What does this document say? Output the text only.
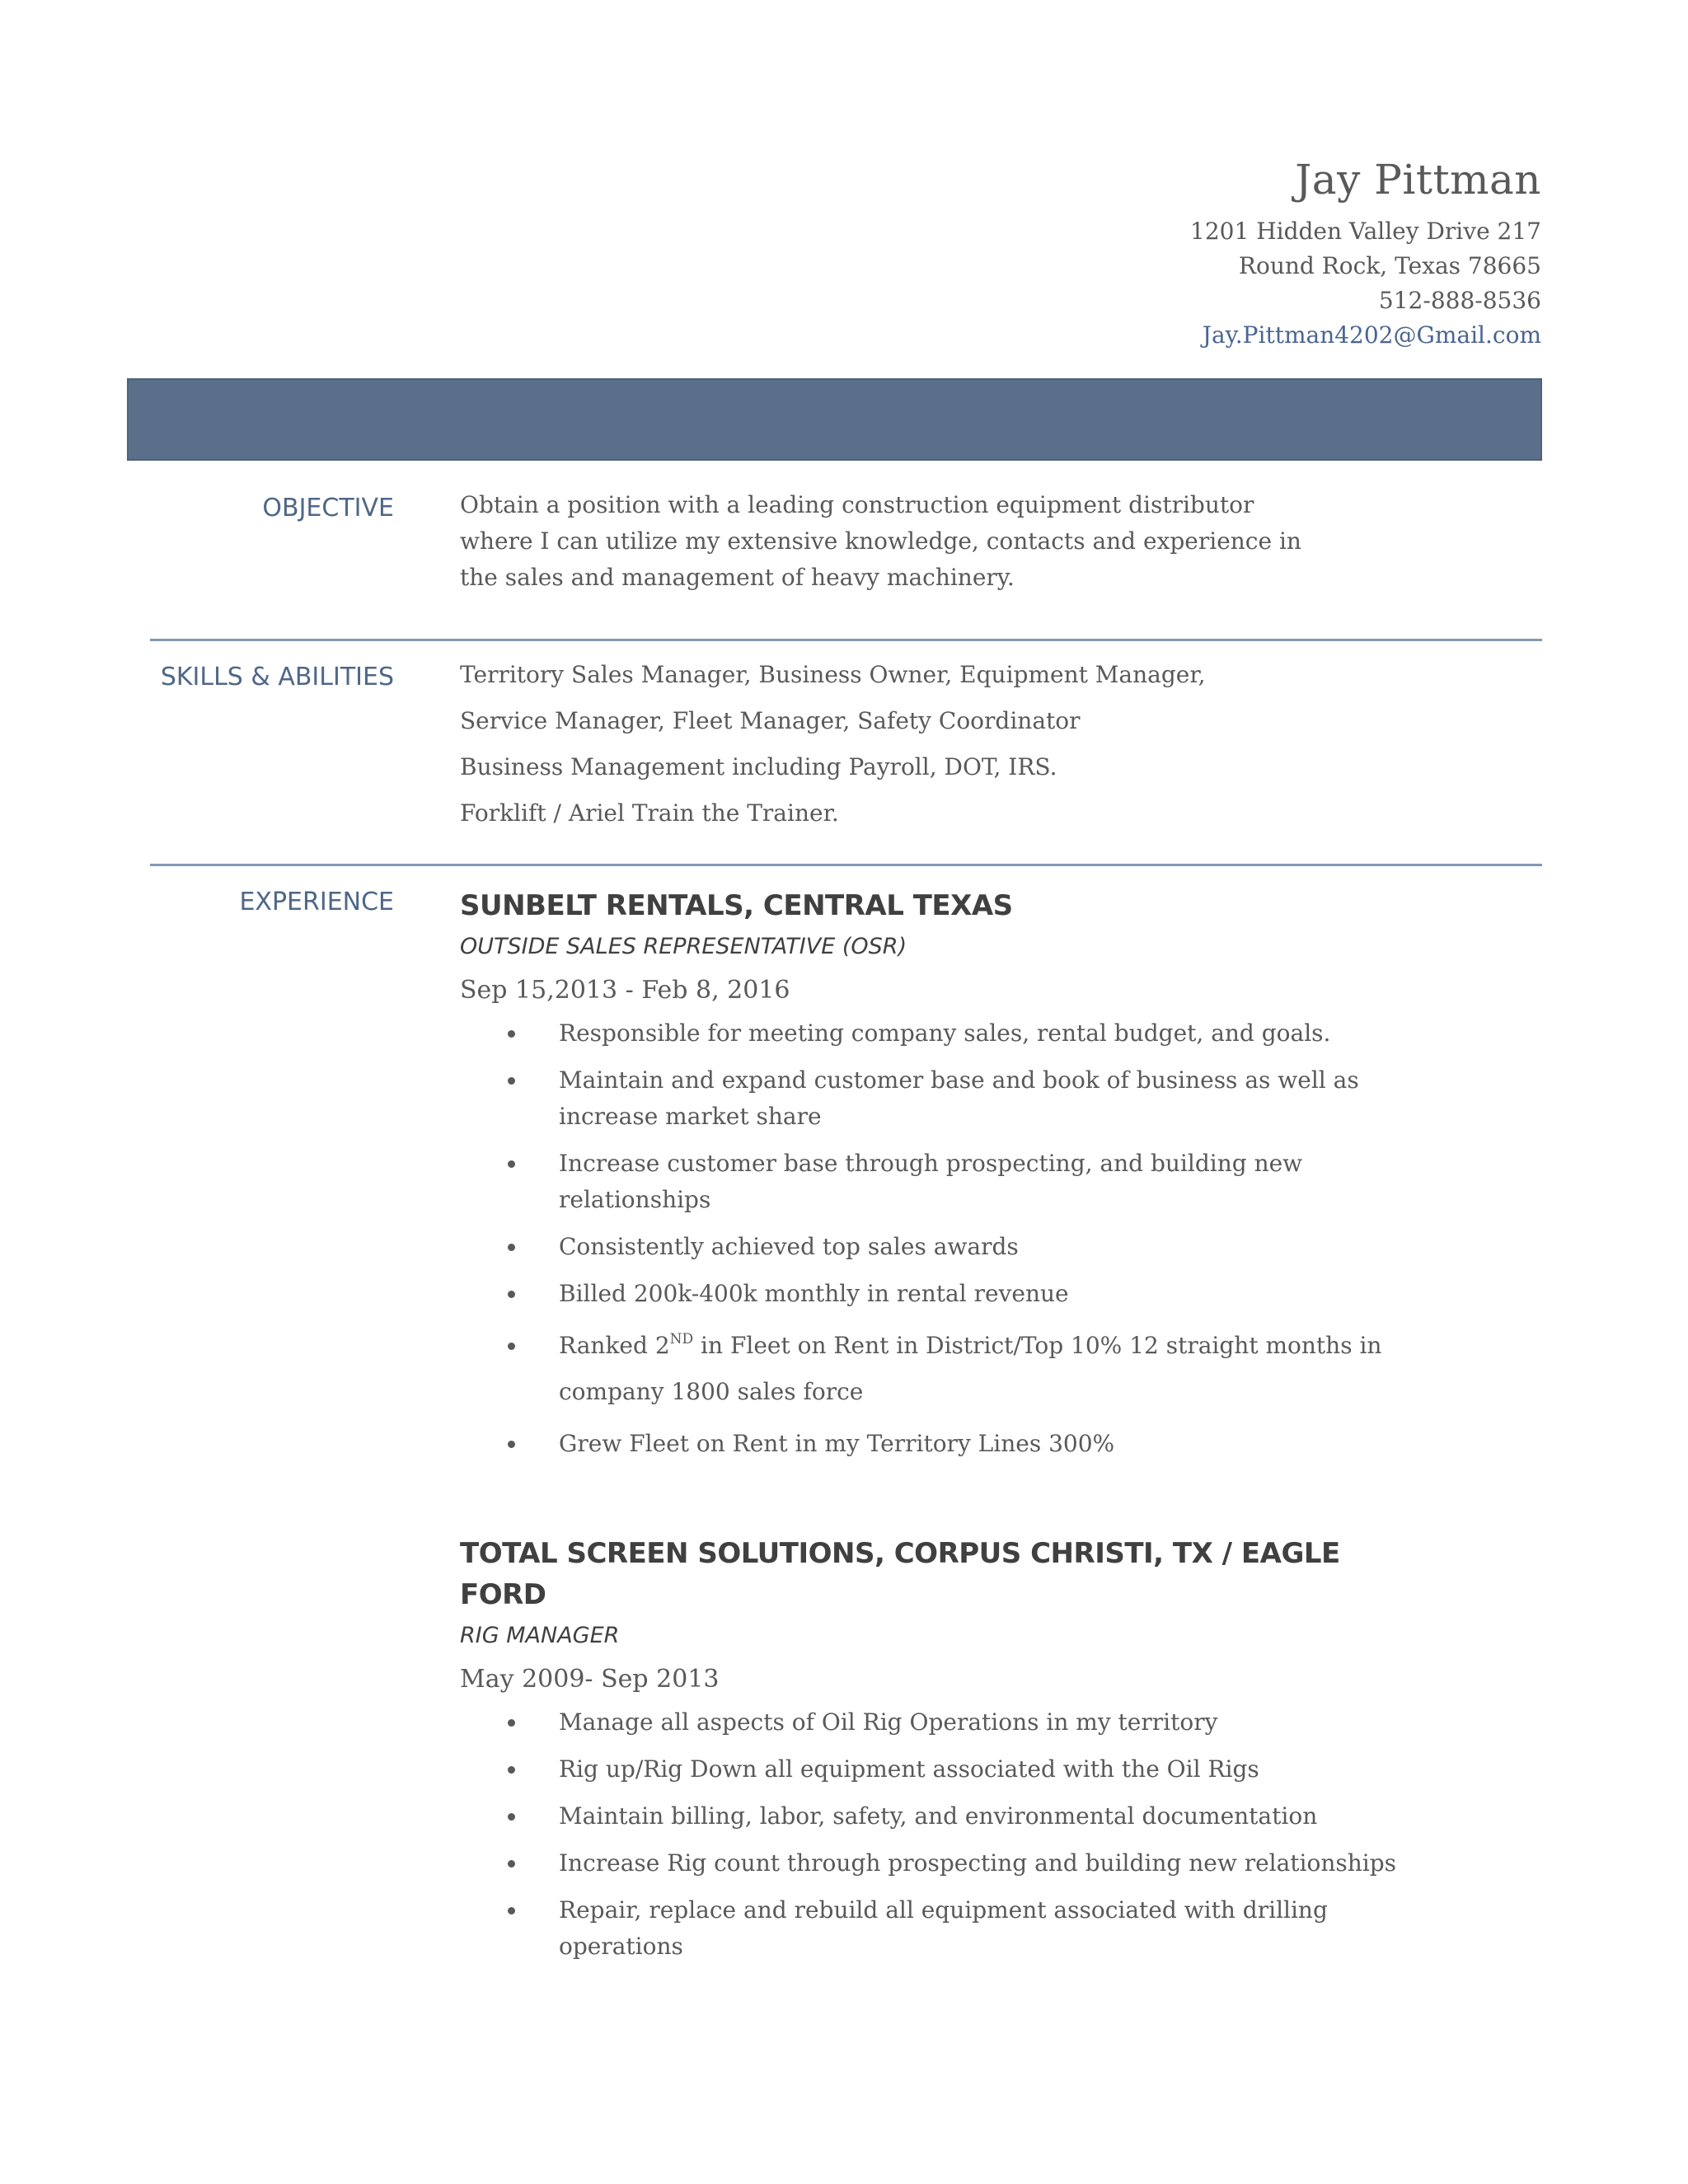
Jay Pittman
1201 Hidden Valley Drive 217
Round Rock, Texas 78665
512-888-8536
Jay.Pittman4202@Gmail.com
OBJECTIVE	Obtain a position with a leading construction equipment distributor where I can utilize my extensive knowledge, contacts and experience in the sales and management of heavy machinery.
SKILLS & ABILITIES	Territory Sales Manager, Business Owner, Equipment Manager,
Service Manager, Fleet Manager, Safety Coordinator
Business Management including Payroll, DOT, IRS.
Forklift / Ariel Train the Trainer.
EXPERIENCE SUNBELT RENTALS, CENTRAL TEXAS
OUTSIDE SALES REPRESENTATIVE (OSR)
Sep 15,2013 - Feb 8, 2016
Responsible for meeting company sales, rental budget, and goals.
Maintain and expand customer base and book of business as well as increase market share
Increase customer base through prospecting, and building new relationships
Consistently achieved top sales awards
Billed 200k-400k monthly in rental revenue
Ranked 2ND in Fleet on Rent in District/Top 10% 12 straight months in company 1800 sales force
Grew Fleet on Rent in my Territory Lines 300%
TOTAL SCREEN SOLUTIONS, CORPUS CHRISTI, TX / EAGLE FORD
RIG MANAGER
May 2009- Sep 2013
Manage all aspects of Oil Rig Operations in my territory
Rig up/Rig Down all equipment associated with the Oil Rigs
Maintain billing, labor, safety, and environmental documentation
Increase Rig count through prospecting and building new relationships
Repair, replace and rebuild all equipment associated with drilling operations
